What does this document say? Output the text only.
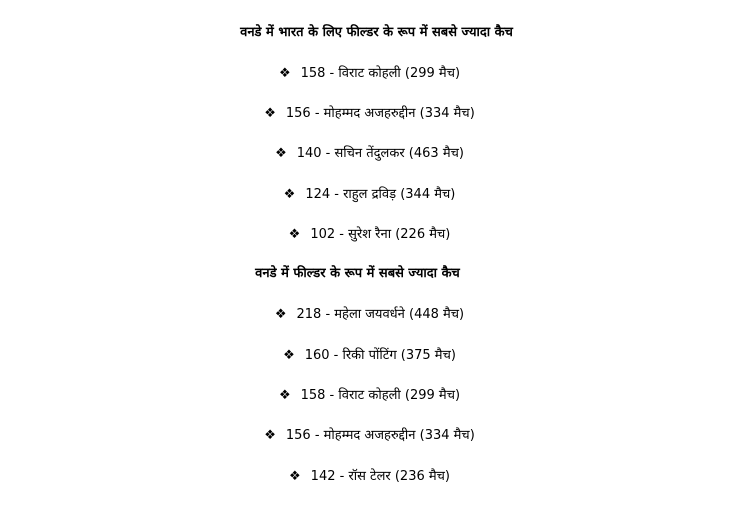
वनडे में भारत के लिए फील्डर के रूप में सबसे ज्यादा कैच
❖ 158 - विराट कोहली (299 मैच)
❖ 156 - मोहम्मद अजहरुद्दीन (334 मैच)
❖ 140 - सचिन तेंदुलकर (463 मैच)
❖ 124 - राहुल द्रविड़ (344 मैच)
❖ 102 - सुरेश रैना (226 मैच)
वनडे में फील्डर के रूप में सबसे ज्यादा कैच
❖ 218 - महेला जयवर्धने (448 मैच)
❖ 160 - रिकी पोंटिंग (375 मैच)
❖ 158 - विराट कोहली (299 मैच)
❖ 156 - मोहम्मद अजहरुद्दीन (334 मैच)
❖ 142 - रॉस टेलर (236 मैच)
